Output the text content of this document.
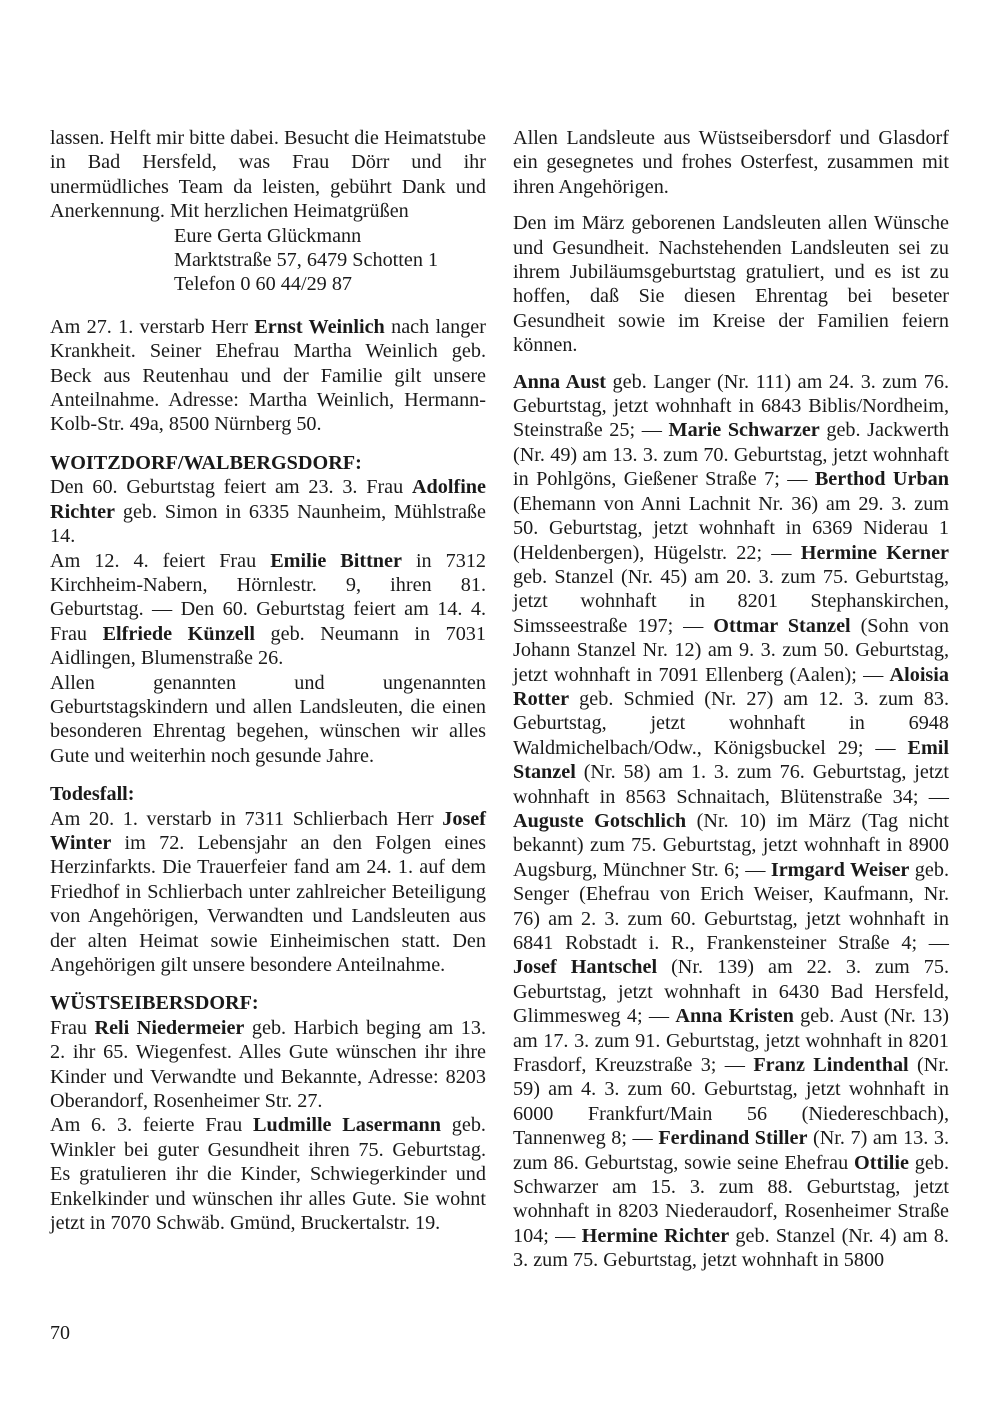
lassen. Helft mir bitte dabei. Besucht die Heimatstube in Bad Hersfeld, was Frau Dörr und ihr unermüdliches Team da leisten, gebührt Dank und Anerkennung. Mit herzlichen Heimatgrüßen

Eure Gerta Glückmann

Marktstraße 57, 6479 Schotten 1

Telefon 0 60 44/29 87

Am 27. 1. verstarb Herr Ernst Weinlich nach langer Krankheit. Seiner Ehefrau Martha Weinlich geb. Beck aus Reutenhau und der Familie gilt unsere Anteilnahme. Adresse: Martha Weinlich, Hermann-Kolb-Str. 49a, 8500 Nürnberg 50.

WOITZDORF/WALBERGSDORF:

Den 60. Geburtstag feiert am 23. 3. Frau Adolfine Richter geb. Simon in 6335 Naunheim, Mühlstraße 14.

Am 12. 4. feiert Frau Emilie Bittner in 7312 Kirchheim-Nabern, Hörnlestr. 9, ihren 81. Geburtstag. — Den 60. Geburtstag feiert am 14. 4. Frau Elfriede Künzell geb. Neumann in 7031 Aidlingen, Blumenstraße 26.

Allen genannten und ungenannten Geburtstagskindern und allen Landsleuten, die einen besonderen Ehrentag begehen, wünschen wir alles Gute und weiterhin noch gesunde Jahre.

Todesfall:

Am 20. 1. verstarb in 7311 Schlierbach Herr Josef Winter im 72. Lebensjahr an den Folgen eines Herzinfarkts. Die Trauerfeier fand am 24. 1. auf dem Friedhof in Schlierbach unter zahlreicher Beteiligung von Angehörigen, Verwandten und Landsleuten aus der alten Heimat sowie Einheimischen statt. Den Angehörigen gilt unsere besondere Anteilnahme.

WÜSTSEIBERSDORF:

Frau Reli Niedermeier geb. Harbich beging am 13. 2. ihr 65. Wiegenfest. Alles Gute wünschen ihr ihre Kinder und Verwandte und Bekannte, Adresse: 8203 Oberandorf, Rosenheimer Str. 27.

Am 6. 3. feierte Frau Ludmille Lasermann geb. Winkler bei guter Gesundheit ihren 75. Geburtstag. Es gratulieren ihr die Kinder, Schwiegerkinder und Enkelkinder und wünschen ihr alles Gute. Sie wohnt jetzt in 7070 Schwäb. Gmünd, Bruckertalstr. 19.

Allen Landsleute aus Wüstseibersdorf und Glasdorf ein gesegnetes und frohes Osterfest, zusammen mit ihren Angehörigen.

Den im März geborenen Landsleuten allen Wünsche und Gesundheit. Nachstehenden Landsleuten sei zu ihrem Jubiläumsgeburtstag gratuliert, und es ist zu hoffen, daß Sie diesen Ehrentag bei beseter Gesundheit sowie im Kreise der Familien feiern können.

Anna Aust geb. Langer (Nr. 111) am 24. 3. zum 76. Geburtstag, jetzt wohnhaft in 6843 Biblis/Nordheim, Steinstraße 25; — Marie Schwarzer geb. Jackwerth (Nr. 49) am 13. 3. zum 70. Geburtstag, jetzt wohnhaft in Pohlgöns, Gießener Straße 7; — Berthod Urban (Ehemann von Anni Lachnit Nr. 36) am 29. 3. zum 50. Geburtstag, jetzt wohnhaft in 6369 Niderau 1 (Heldenbergen), Hügelstr. 22; — Hermine Kerner geb. Stanzel (Nr. 45) am 20. 3. zum 75. Geburtstag, jetzt wohnhaft in 8201 Stephanskirchen, Simsseestraße 197; — Ottmar Stanzel (Sohn von Johann Stanzel Nr. 12) am 9. 3. zum 50. Geburtstag, jetzt wohnhaft in 7091 Ellenberg (Aalen); — Aloisia Rotter geb. Schmied (Nr. 27) am 12. 3. zum 83. Geburtstag, jetzt wohnhaft in 6948 Waldmichelbach/Odw., Königsbuckel 29; — Emil Stanzel (Nr. 58) am 1. 3. zum 76. Geburtstag, jetzt wohnhaft in 8563 Schnaitach, Blütenstraße 34; — Auguste Gotschlich (Nr. 10) im März (Tag nicht bekannt) zum 75. Geburtstag, jetzt wohnhaft in 8900 Augsburg, Münchner Str. 6; — Irmgard Weiser geb. Senger (Ehefrau von Erich Weiser, Kaufmann, Nr. 76) am 2. 3. zum 60. Geburtstag, jetzt wohnhaft in 6841 Robstadt i. R., Frankensteiner Straße 4; — Josef Hantschel (Nr. 139) am 22. 3. zum 75. Geburtstag, jetzt wohnhaft in 6430 Bad Hersfeld, Glimmesweg 4; — Anna Kristen geb. Aust (Nr. 13) am 17. 3. zum 91. Geburtstag, jetzt wohnhaft in 8201 Frasdorf, Kreuzstraße 3; — Franz Lindenthal (Nr. 59) am 4. 3. zum 60. Geburtstag, jetzt wohnhaft in 6000 Frankfurt/Main 56 (Niedereschbach), Tannenweg 8; — Ferdinand Stiller (Nr. 7) am 13. 3. zum 86. Geburtstag, sowie seine Ehefrau Ottilie geb. Schwarzer am 15. 3. zum 88. Geburtstag, jetzt wohnhaft in 8203 Niederaudorf, Rosenheimer Straße 104; — Hermine Richter geb. Stanzel (Nr. 4) am 8. 3. zum 75. Geburtstag, jetzt wohnhaft in 5800

70
